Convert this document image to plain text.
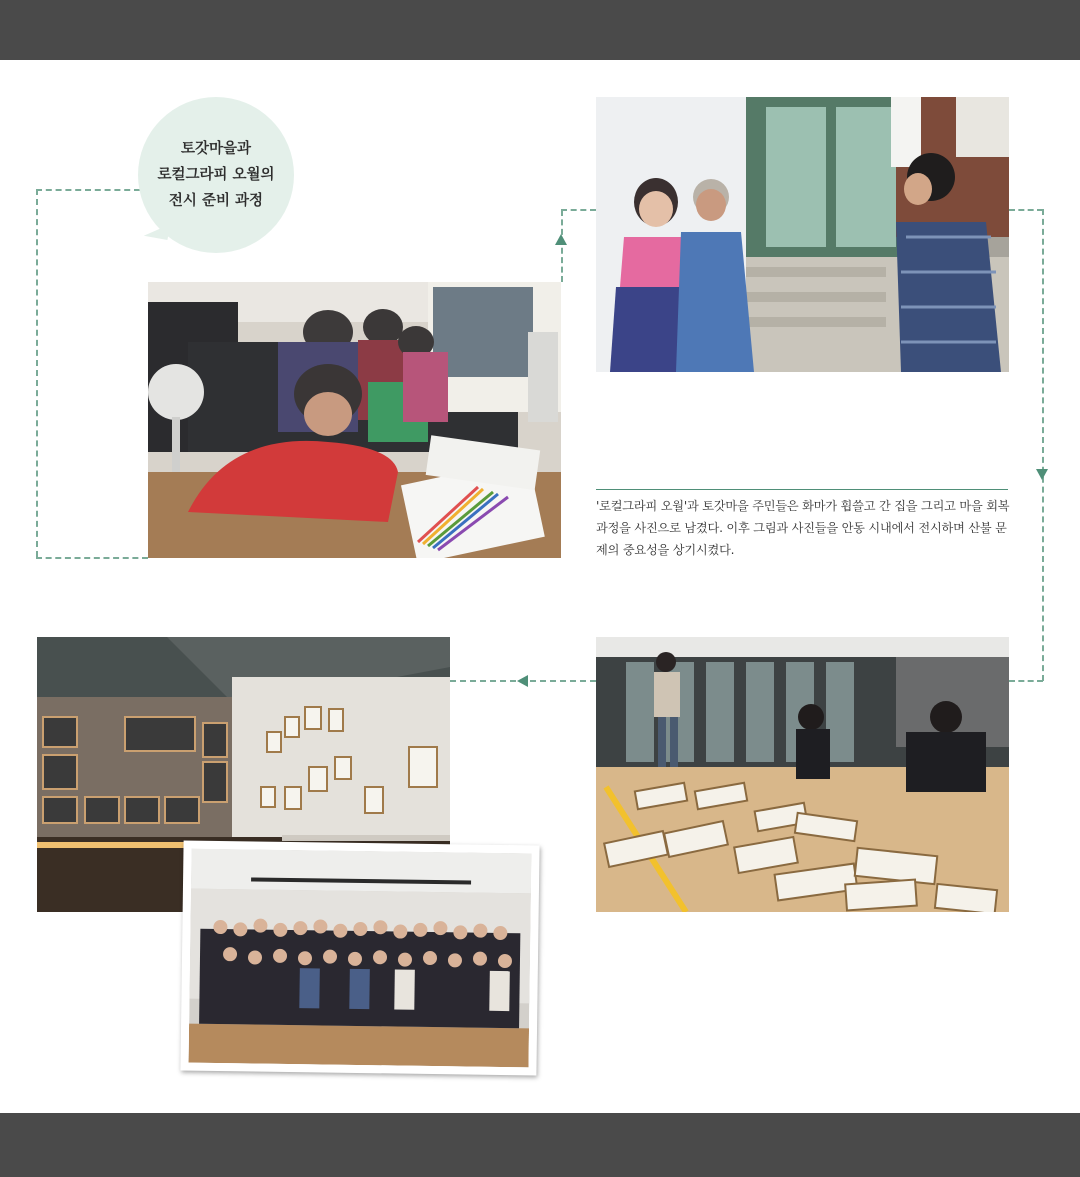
토갓마을과
로컬그라피 오월의
전시 준비 과정
'로컬그라피 오월'과 토갓마을 주민들은 화마가 휩쓸고 간 집을 그리고 마을 회복 과정을 사진으로 남겼다. 이후 그림과 사진들을 안동 시내에서 전시하며 산불 문제의 중요성을 상기시켰다.
